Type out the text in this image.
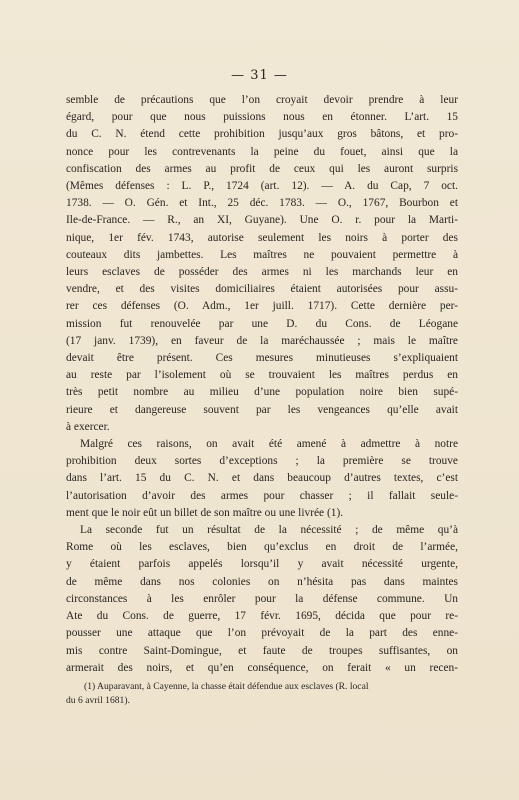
— 31 —
semble de précautions que l’on croyait devoir prendre à leur
égard, pour que nous puissions nous en étonner. L’art. 15
du C. N. étend cette prohibition jusqu’aux gros bâtons, et pro-
nonce pour les contrevenants la peine du fouet, ainsi que la
confiscation des armes au profit de ceux qui les auront surpris
(Mêmes défenses : L. P., 1724 (art. 12). — A. du Cap, 7 oct.
1738. — O. Gén. et Int., 25 déc. 1783. — O., 1767, Bourbon et
Ile-de-France. — R., an XI, Guyane). Une O. r. pour la Marti-
nique, 1er fév. 1743, autorise seulement les noirs à porter des
couteaux dits jambettes. Les maîtres ne pouvaient permettre à
leurs esclaves de posséder des armes ni les marchands leur en
vendre, et des visites domiciliaires étaient autorisées pour assu-
rer ces défenses (O. Adm., 1er juill. 1717). Cette dernière per-
mission fut renouvelée par une D. du Cons. de Léogane
(17 janv. 1739), en faveur de la maréchaussée ; mais le maître
devait être présent. Ces mesures minutieuses s’expliquaient
au reste par l’isolement où se trouvaient les maîtres perdus en
très petit nombre au milieu d’une population noire bien supé-
rieure et dangereuse souvent par les vengeances qu’elle avait
à exercer.
Malgré ces raisons, on avait été amené à admettre à notre
prohibition deux sortes d’exceptions ; la première se trouve
dans l’art. 15 du C. N. et dans beaucoup d’autres textes, c’est
l’autorisation d’avoir des armes pour chasser ; il fallait seule-
ment que le noir eût un billet de son maître ou une livrée (1).
La seconde fut un résultat de la nécessité ; de même qu’à
Rome où les esclaves, bien qu’exclus en droit de l’armée,
y étaient parfois appelés lorsqu’il y avait nécessité urgente,
de même dans nos colonies on n’hésita pas dans maintes
circonstances à les enrôler pour la défense commune. Un
Ate du Cons. de guerre, 17 févr. 1695, décida que pour re-
pousser une attaque que l’on prévoyait de la part des enne-
mis contre Saint-Domingue, et faute de troupes suffisantes, on
armerait des noirs, et qu’en conséquence, on ferait « un recen-
(1) Auparavant, à Cayenne, la chasse était défendue aux esclaves (R. local
du 6 avril 1681).
